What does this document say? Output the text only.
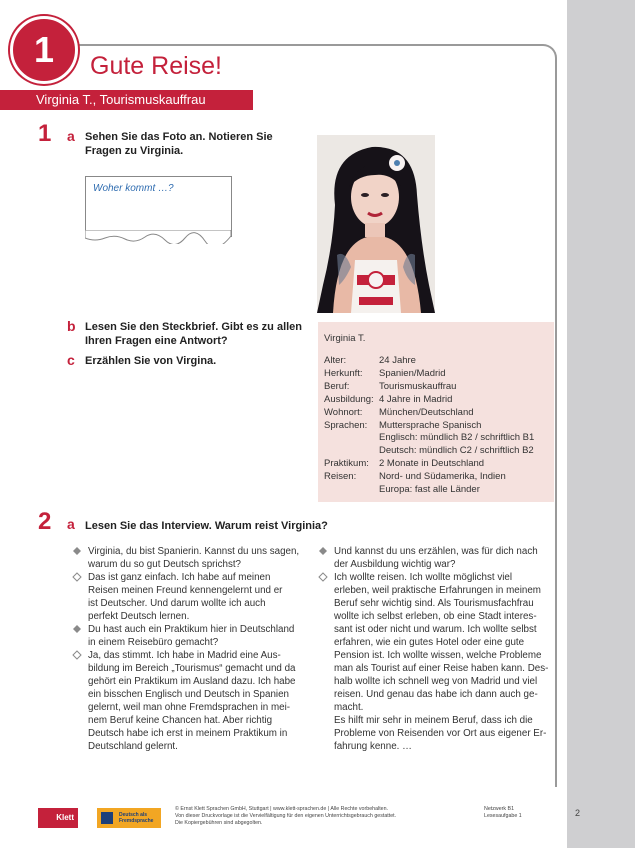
1	Gute Reise!
Virginia T., Tourismuskauffrau
1 a Sehen Sie das Foto an. Notieren Sie
Fragen zu Virginia.
Woher kommt …?
b Lesen Sie den Steckbrief. Gibt es zu allen
Ihren Fragen eine Antwort?
c Erzählen Sie von Virgina.
Virginia T.
Alter:	24 Jahre
Herkunft: Spanien/Madrid
Beruf:	Tourismuskauffrau
Ausbildung: 4 Jahre in Madrid
Wohnort: München/Deutschland
Sprachen: Muttersprache Spanisch
Englisch: mündlich B2 / schriftlich B1
Deutsch: mündlich C2 / schriftlich B2
Praktikum: 2 Monate in Deutschland
Reisen: Nord- und Südamerika, Indien
Europa: fast alle Länder
2 a Lesen Sie das Interview. Warum reist Virginia?
Virginia, du bist Spanierin. Kannst du uns sagen,
warum du so gut Deutsch sprichst?
Das ist ganz einfach. Ich habe auf meinen
Reisen meinen Freund kennengelernt und er
ist Deutscher. Und darum wollte ich auch
perfekt Deutsch lernen.
Du hast auch ein Praktikum hier in Deutschland
in einem Reisebüro gemacht?
Ja, das stimmt. Ich habe in Madrid eine Aus-
bildung im Bereich „Tourismus“ gemacht und da
gehört ein Praktikum im Ausland dazu. Ich habe
ein bisschen Englisch und Deutsch in Spanien
gelernt, weil man ohne Fremdsprachen in mei-
nem Beruf keine Chancen hat. Aber richtig
Deutsch habe ich erst in meinem Praktikum in
Deutschland gelernt.
Und kannst du uns erzählen, was für dich nach
der Ausbildung wichtig war?
Ich wollte reisen. Ich wollte möglichst viel
erleben, weil praktische Erfahrungen in meinem
Beruf sehr wichtig sind. Als Tourismusfachfrau
wollte ich selbst erleben, ob eine Stadt interes-
sant ist oder nicht und warum. Ich wollte selbst
erfahren, wie ein gutes Hotel oder eine gute
Pension ist. Ich wollte wissen, welche Probleme
man als Tourist auf einer Reise haben kann. Des-
halb wollte ich schnell weg von Madrid und viel
reisen. Und genau das habe ich dann auch ge-
macht.
Es hilft mir sehr in meinem Beruf, dass ich die
Probleme von Reisenden vor Ort aus eigener Er-
fahrung kenne. …
Klett	Deutsch als
Fremdsprache
© Ernst Klett Sprachen GmbH, Stuttgart | www.klett-sprachen.de | Alle Rechte vorbehalten.
Von dieser Druckvorlage ist die Vervielfältigung für den eigenen Unterrichtsgebrauch gestattet.
Die Kopiergebühren sind abgegolten.
Netzwerk B1
Lesesaufgabe 1	2
